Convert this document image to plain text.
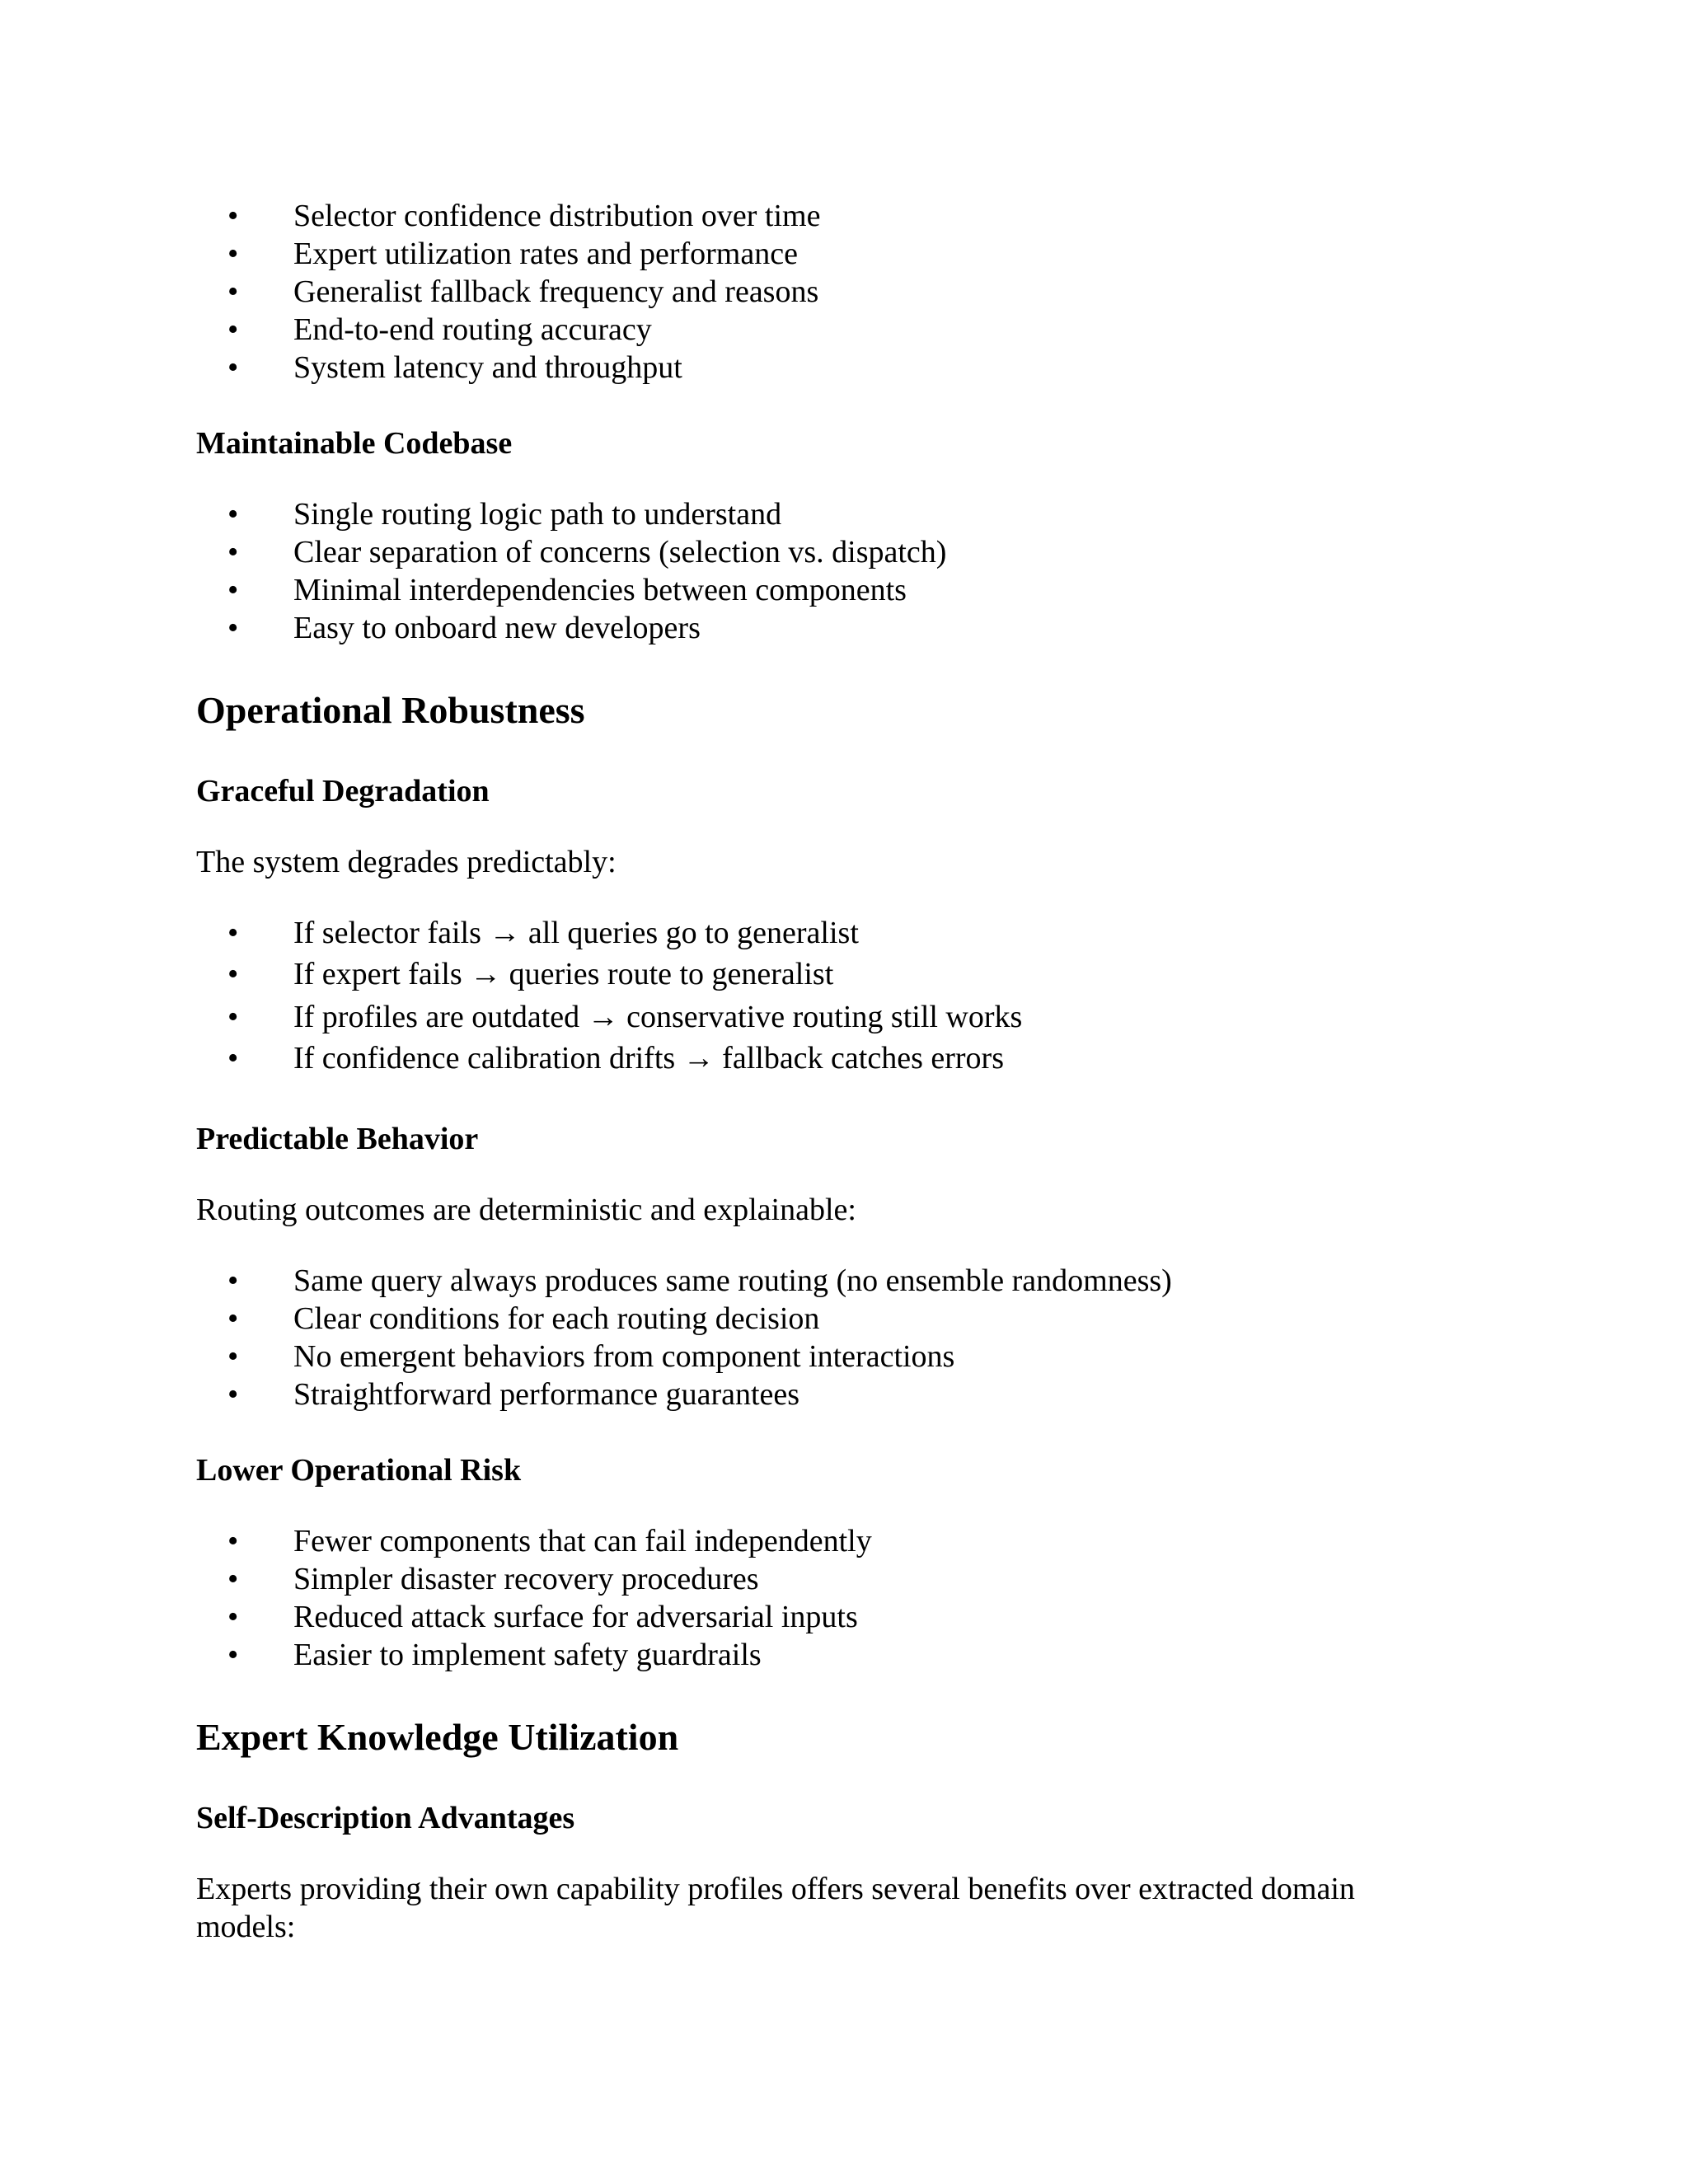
• Selector confidence distribution over time
• Expert utilization rates and performance
• Generalist fallback frequency and reasons
• End-to-end routing accuracy
• System latency and throughput
Maintainable Codebase
• Single routing logic path to understand
• Clear separation of concerns (selection vs. dispatch)
• Minimal interdependencies between components
• Easy to onboard new developers
Operational Robustness
Graceful Degradation
The system degrades predictably:
• If selector fails → all queries go to generalist
• If expert fails → queries route to generalist
• If profiles are outdated → conservative routing still works
• If confidence calibration drifts → fallback catches errors
Predictable Behavior
Routing outcomes are deterministic and explainable:
• Same query always produces same routing (no ensemble randomness)
• Clear conditions for each routing decision
• No emergent behaviors from component interactions
• Straightforward performance guarantees
Lower Operational Risk
• Fewer components that can fail independently
• Simpler disaster recovery procedures
• Reduced attack surface for adversarial inputs
• Easier to implement safety guardrails
Expert Knowledge Utilization
Self-Description Advantages
Experts providing their own capability profiles offers several benefits over extracted domain
models:
